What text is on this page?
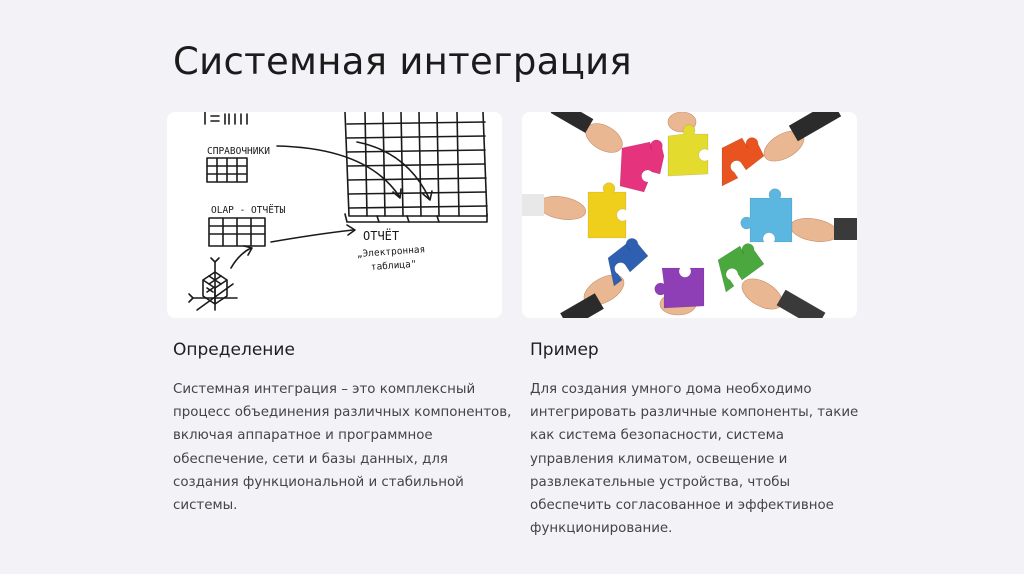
Системная интеграция
СПРАВОЧНИКИ
OLAP - ОТЧЁТЫ
ОТЧЁТ
„Электронная
таблица"
Определение
Системная интеграция – это комплексный
процесс объединения различных компонентов,
включая аппаратное и программное
обеспечение, сети и базы данных, для
создания функциональной и стабильной
системы.
Пример
Для создания умного дома необходимо
интегрировать различные компоненты, такие
как система безопасности, система
управления климатом, освещение и
развлекательные устройства, чтобы
обеспечить согласованное и эффективное
функционирование.
